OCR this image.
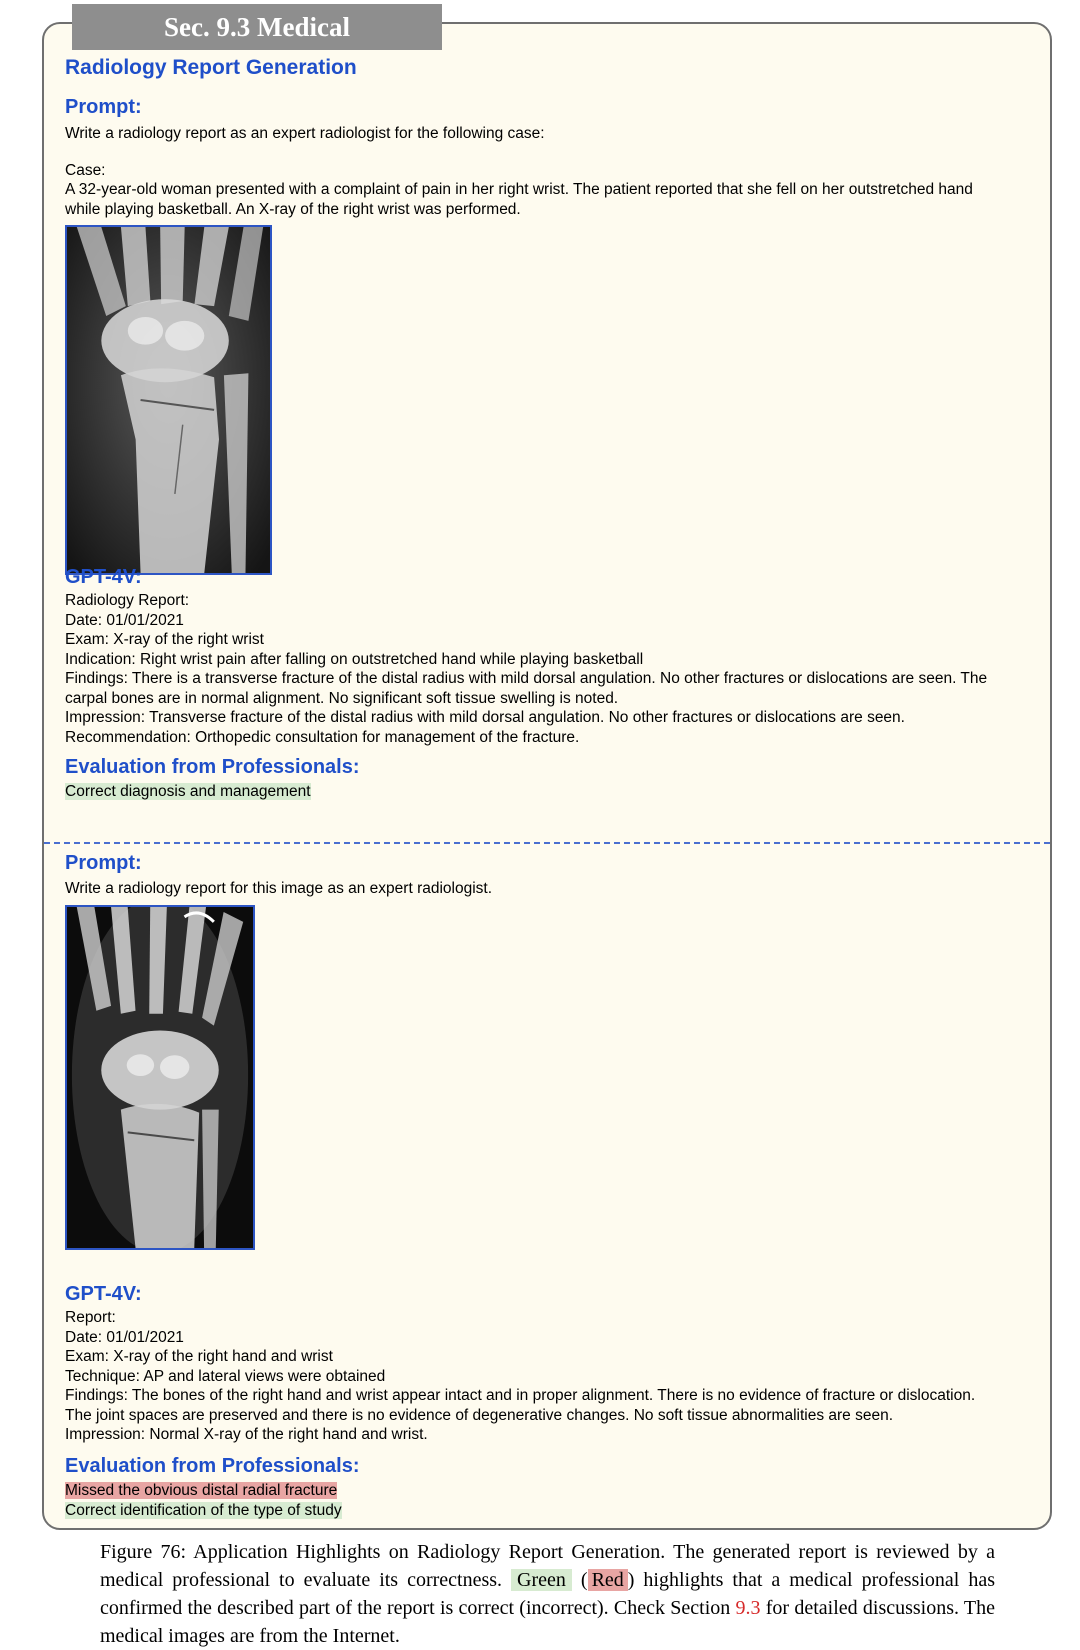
Sec. 9.3 Medical
Radiology Report Generation
Prompt:
Write a radiology report as an expert radiologist for the following case:
Case:
A 32-year-old woman presented with a complaint of pain in her right wrist. The patient reported that she fell on her outstretched hand
while playing basketball. An X-ray of the right wrist was performed.
GPT-4V:
Radiology Report:
Date: 01/01/2021
Exam: X-ray of the right wrist
Indication: Right wrist pain after falling on outstretched hand while playing basketball
Findings: There is a transverse fracture of the distal radius with mild dorsal angulation. No other fractures or dislocations are seen. The
carpal bones are in normal alignment. No significant soft tissue swelling is noted.
Impression: Transverse fracture of the distal radius with mild dorsal angulation. No other fractures or dislocations are seen.
Recommendation: Orthopedic consultation for management of the fracture.
Evaluation from Professionals:
Correct diagnosis and management
Prompt:
Write a radiology report for this image as an expert radiologist.
GPT-4V:
Report:
Date: 01/01/2021
Exam: X-ray of the right hand and wrist
Technique: AP and lateral views were obtained
Findings: The bones of the right hand and wrist appear intact and in proper alignment. There is no evidence of fracture or dislocation.
The joint spaces are preserved and there is no evidence of degenerative changes. No soft tissue abnormalities are seen.
Impression: Normal X-ray of the right hand and wrist.
Evaluation from Professionals:
Missed the obvious distal radial fracture
Correct identification of the type of study
Figure 76: Application Highlights on Radiology Report Generation. The generated report is reviewed by a medical professional to evaluate its correctness. Green ( Red ) highlights that a medical professional has confirmed the described part of the report is correct (incorrect). Check Section 9.3 for detailed discussions. The medical images are from the Internet.
